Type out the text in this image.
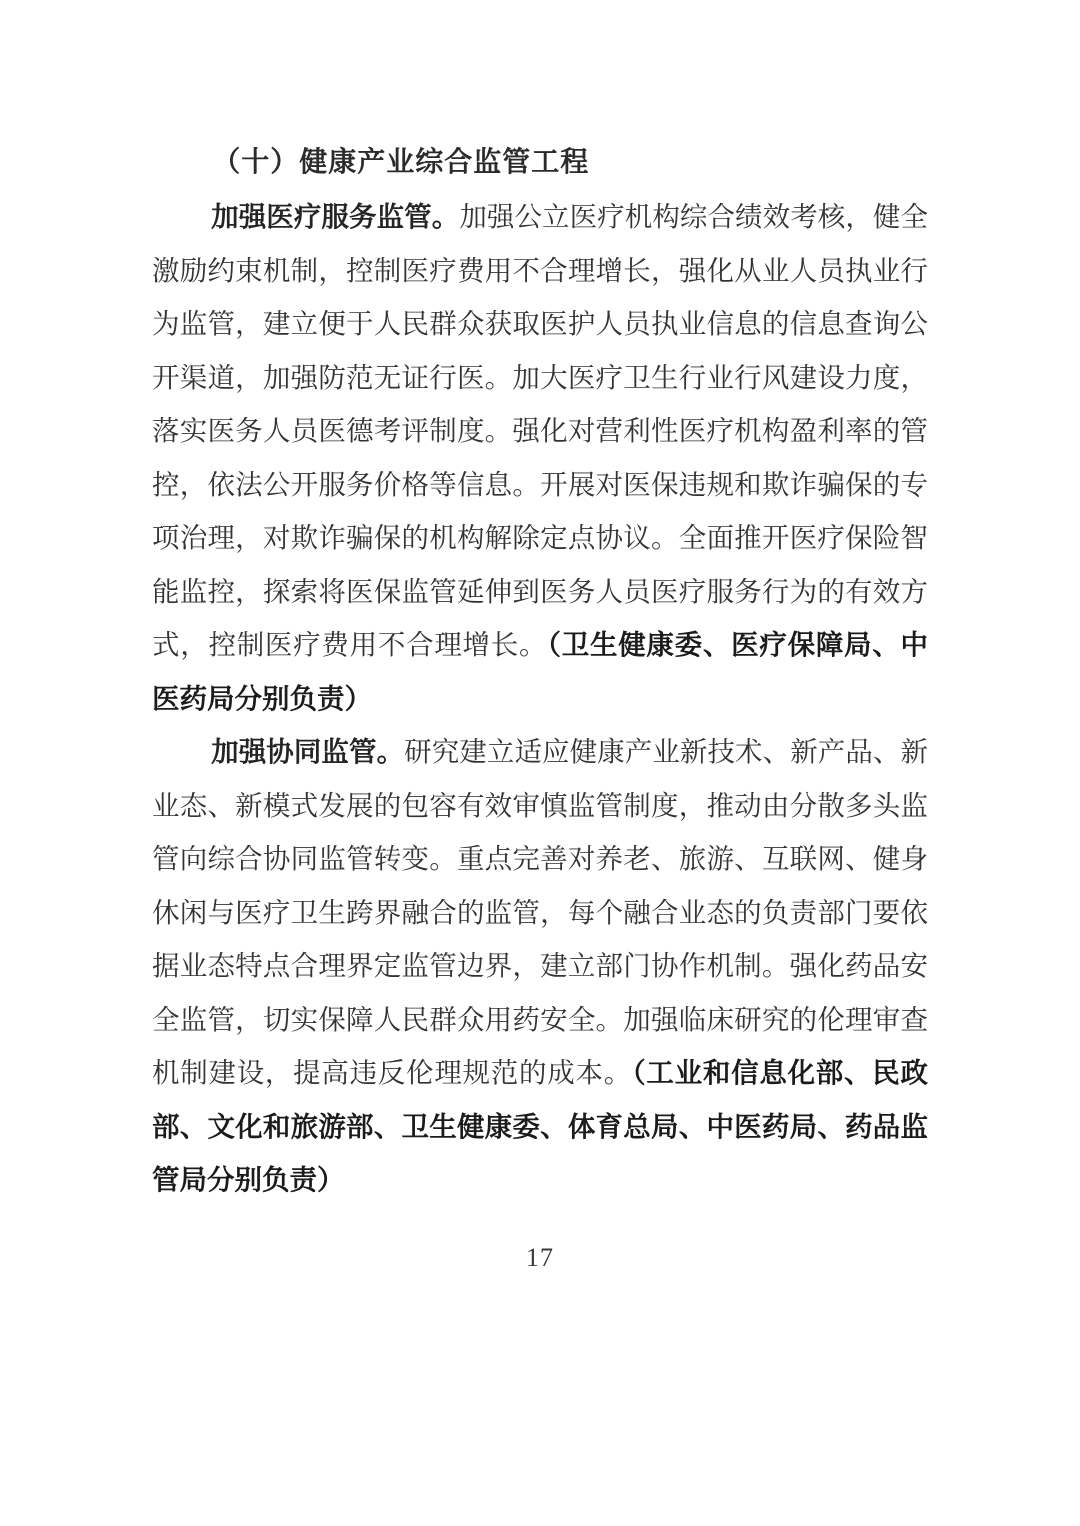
（十）健康产业综合监管工程

加强医疗服务监管。加强公立医疗机构综合绩效考核，健全激励约束机制，控制医疗费用不合理增长，强化从业人员执业行为监管，建立便于人民群众获取医护人员执业信息的信息查询公开渠道，加强防范无证行医。加大医疗卫生行业行风建设力度，落实医务人员医德考评制度。强化对营利性医疗机构盈利率的管控，依法公开服务价格等信息。开展对医保违规和欺诈骗保的专项治理，对欺诈骗保的机构解除定点协议。全面推开医疗保险智能监控，探索将医保监管延伸到医务人员医疗服务行为的有效方式，控制医疗费用不合理增长。（卫生健康委、医疗保障局、中医药局分别负责）

加强协同监管。研究建立适应健康产业新技术、新产品、新业态、新模式发展的包容有效审慎监管制度，推动由分散多头监管向综合协同监管转变。重点完善对养老、旅游、互联网、健身休闲与医疗卫生跨界融合的监管，每个融合业态的负责部门要依据业态特点合理界定监管边界，建立部门协作机制。强化药品安全监管，切实保障人民群众用药安全。加强临床研究的伦理审查机制建设，提高违反伦理规范的成本。（工业和信息化部、民政部、文化和旅游部、卫生健康委、体育总局、中医药局、药品监管局分别负责）

17
